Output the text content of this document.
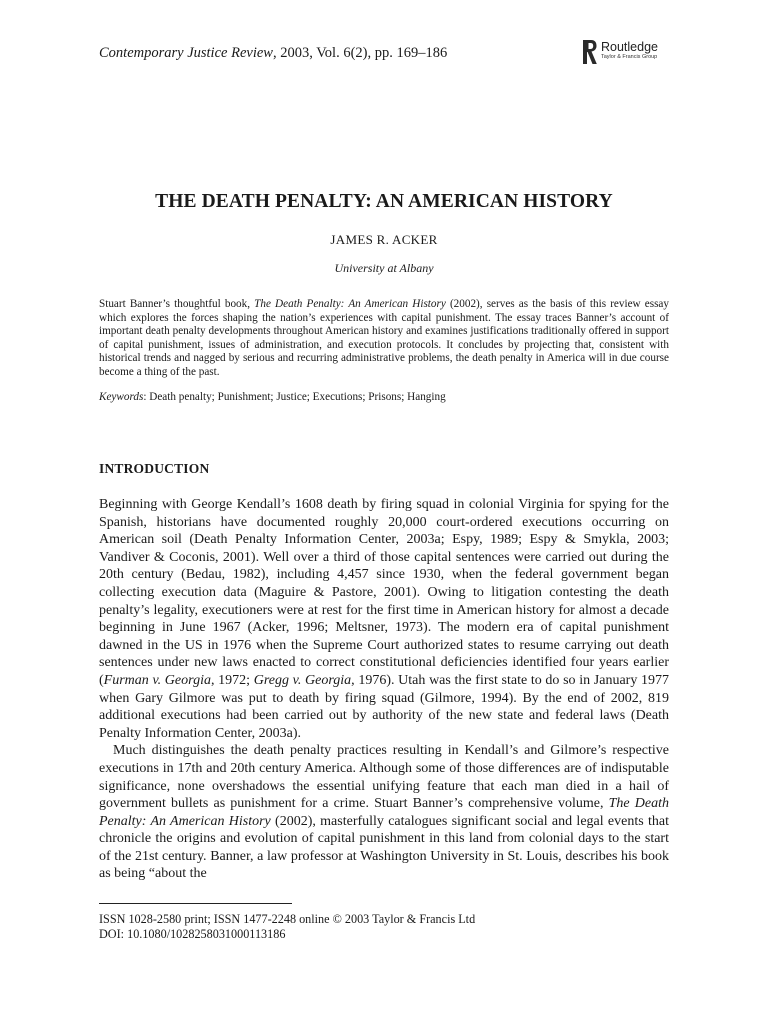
Contemporary Justice Review, 2003, Vol. 6(2), pp. 169–186	Routledge
Taylor & Francis Group
THE DEATH PENALTY: AN AMERICAN HISTORY
JAMES R. ACKER
University at Albany

Stuart Banner’s thoughtful book, The Death Penalty: An American History (2002), serves as the basis of this review essay which explores the forces shaping the nation’s experiences with capital punishment. The essay traces Banner’s account of important death penalty developments throughout American history and examines justifications traditionally offered in support of capital punishment, issues of administration, and execution protocols. It concludes by projecting that, consistent with historical trends and nagged by serious and recurring administrative problems, the death penalty in America will in due course become a thing of the past.

Keywords: Death penalty; Punishment; Justice; Executions; Prisons; Hanging

INTRODUCTION

Beginning with George Kendall’s 1608 death by firing squad in colonial Virginia for spying for the Spanish, historians have documented roughly 20,000 court-ordered executions occurring on American soil (Death Penalty Information Center, 2003a; Espy, 1989; Espy & Smykla, 2003; Vandiver & Coconis, 2001). Well over a third of those capital sentences were carried out during the 20th century (Bedau, 1982), including 4,457 since 1930, when the federal government began collecting execution data (Maguire & Pastore, 2001). Owing to litigation contesting the death penalty’s legality, executioners were at rest for the first time in American history for almost a decade beginning in June 1967 (Acker, 1996; Meltsner, 1973). The modern era of capital punishment dawned in the US in 1976 when the Supreme Court authorized states to resume carrying out death sentences under new laws enacted to correct constitutional deficiencies identified four years earlier (Furman v. Georgia, 1972; Gregg v. Georgia, 1976). Utah was the first state to do so in January 1977 when Gary Gilmore was put to death by firing squad (Gilmore, 1994). By the end of 2002, 819 additional executions had been carried out by authority of the new state and federal laws (Death Penalty Information Center, 2003a).

Much distinguishes the death penalty practices resulting in Kendall’s and Gilmore’s respective executions in 17th and 20th century America. Although some of those differences are of indisputable significance, none overshadows the essential unifying feature that each man died in a hail of government bullets as punishment for a crime. Stuart Banner’s comprehensive volume, The Death Penalty: An American History (2002), masterfully catalogues significant social and legal events that chronicle the origins and evolution of capital punishment in this land from colonial days to the start of the 21st century. Banner, a law professor at Washington University in St. Louis, describes his book as being “about the

ISSN 1028-2580 print; ISSN 1477-2248 online © 2003 Taylor & Francis Ltd
DOI: 10.1080/1028258031000113186
